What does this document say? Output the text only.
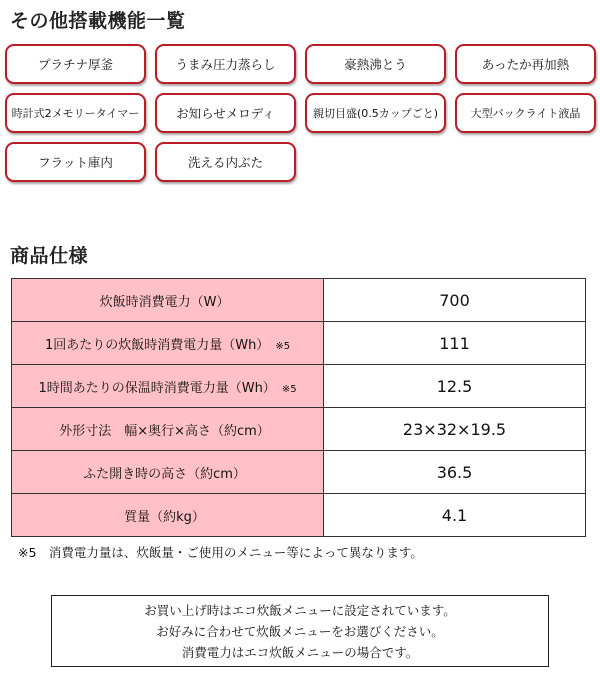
その他搭載機能一覧
プラチナ厚釜	うまみ圧力蒸らし	豪熱沸とう	あったか再加熱
時計式2メモリータイマー	お知らせメロディ	親切目盛(0.5カップごと)	大型バックライト液晶
フラット庫内	洗える内ぶた
商品仕様
炊飯時消費電力（W）	700
1回あたりの炊飯時消費電力量（Wh） ※5	111
1時間あたりの保温時消費電力量（Wh） ※5	12.5
外形寸法　幅×奥行×高さ（約cm）	23×32×19.5
ふた開き時の高さ（約cm）	36.5
質量（約kg）	4.1
※5　消費電力量は、炊飯量・ご使用のメニュー等によって異なります。
お買い上げ時はエコ炊飯メニューに設定されています。
お好みに合わせて炊飯メニューをお選びください。
消費電力はエコ炊飯メニューの場合です。
